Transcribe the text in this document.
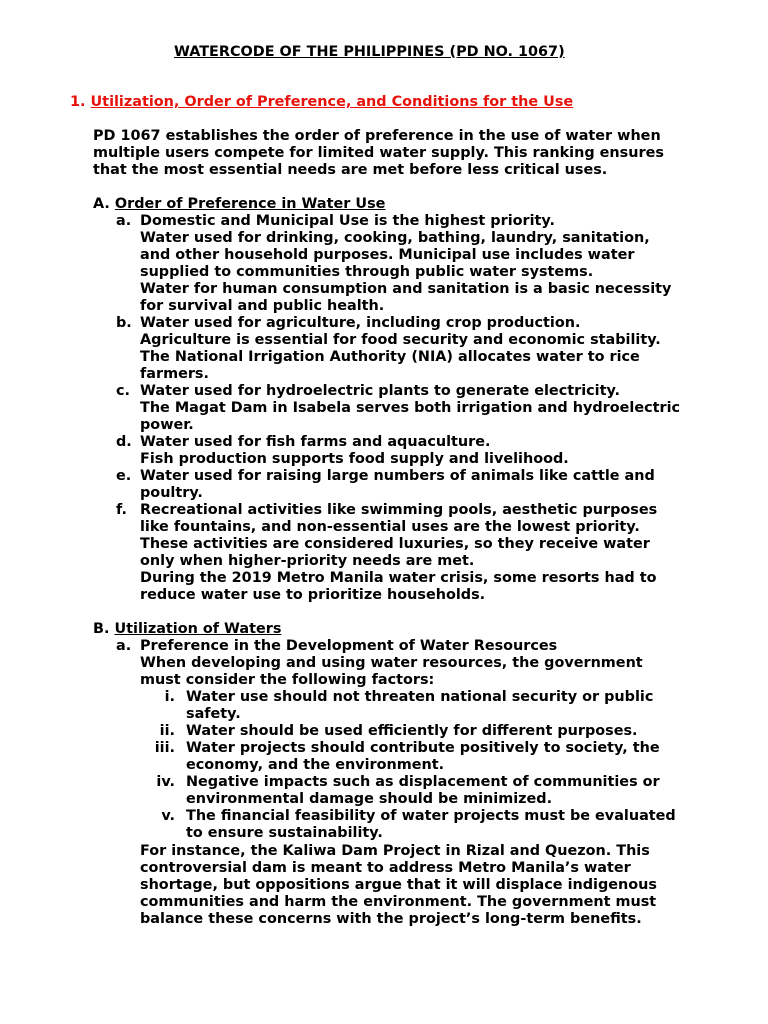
WATERCODE OF THE PHILIPPINES (PD NO. 1067)
1. Utilization, Order of Preference, and Conditions for the Use
PD 1067 establishes the order of preference in the use of water when
multiple users compete for limited water supply. This ranking ensures
that the most essential needs are met before less critical uses.
A. Order of Preference in Water Use
a. Domestic and Municipal Use is the highest priority.
Water used for drinking, cooking, bathing, laundry, sanitation,
and other household purposes. Municipal use includes water
supplied to communities through public water systems.
Water for human consumption and sanitation is a basic necessity
for survival and public health.
b. Water used for agriculture, including crop production.
Agriculture is essential for food security and economic stability.
The National Irrigation Authority (NIA) allocates water to rice
farmers.
c. Water used for hydroelectric plants to generate electricity.
The Magat Dam in Isabela serves both irrigation and hydroelectric
power.
d. Water used for fish farms and aquaculture.
Fish production supports food supply and livelihood.
e. Water used for raising large numbers of animals like cattle and
poultry.
f. Recreational activities like swimming pools, aesthetic purposes
like fountains, and non-essential uses are the lowest priority.
These activities are considered luxuries, so they receive water
only when higher-priority needs are met.
During the 2019 Metro Manila water crisis, some resorts had to
reduce water use to prioritize households.
B. Utilization of Waters
a. Preference in the Development of Water Resources
When developing and using water resources, the government
must consider the following factors:
i. Water use should not threaten national security or public
safety.
ii. Water should be used efficiently for different purposes.
iii. Water projects should contribute positively to society, the
economy, and the environment.
iv. Negative impacts such as displacement of communities or
environmental damage should be minimized.
v. The financial feasibility of water projects must be evaluated
to ensure sustainability.
For instance, the Kaliwa Dam Project in Rizal and Quezon. This
controversial dam is meant to address Metro Manila’s water
shortage, but oppositions argue that it will displace indigenous
communities and harm the environment. The government must
balance these concerns with the project’s long-term benefits.
